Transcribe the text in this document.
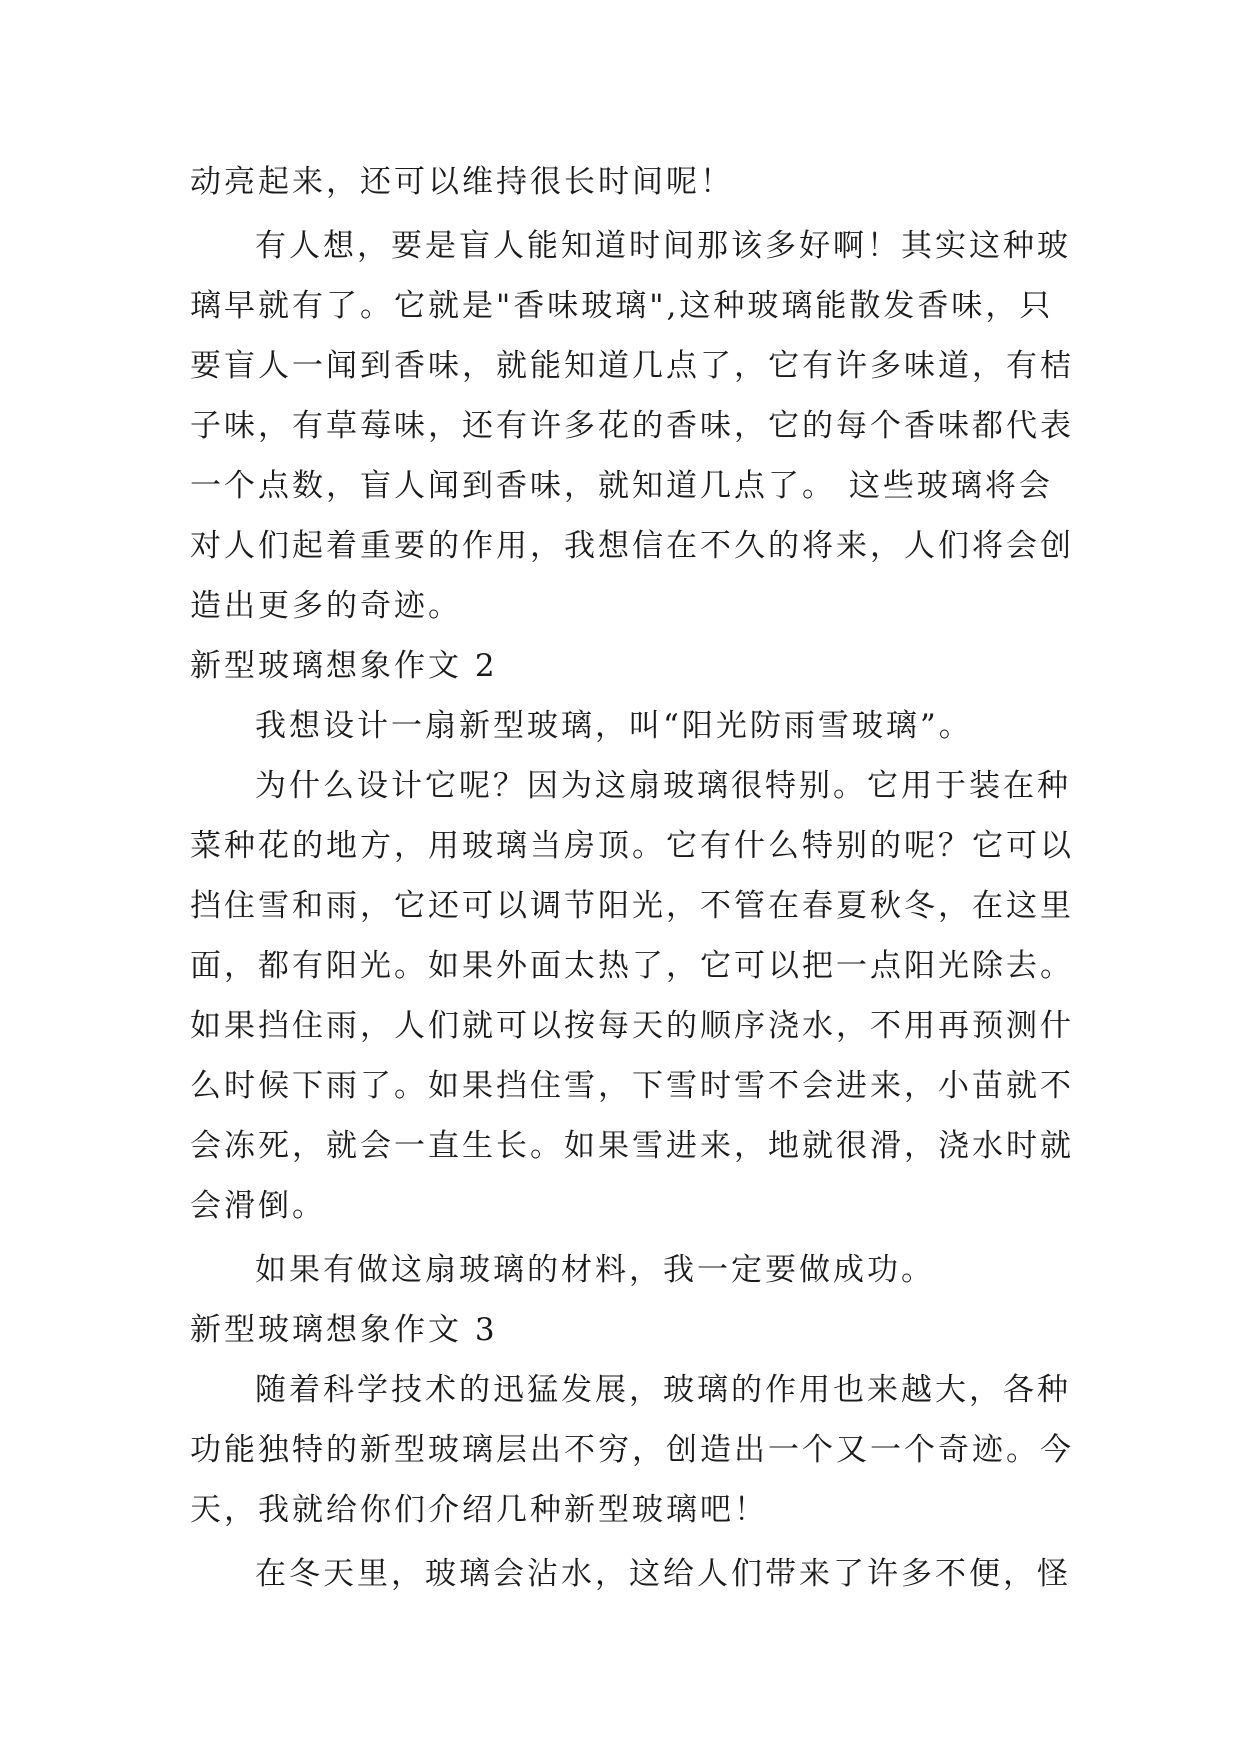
动亮起来，还可以维持很长时间呢！
有人想，要是盲人能知道时间那该多好啊！其实这种玻
璃早就有了。它就是"香味玻璃",这种玻璃能散发香味，只
要盲人一闻到香味，就能知道几点了，它有许多味道，有桔
子味，有草莓味，还有许多花的香味，它的每个香味都代表
一个点数，盲人闻到香味，就知道几点了。 这些玻璃将会
对人们起着重要的作用，我想信在不久的将来，人们将会创
造出更多的奇迹。
新型玻璃想象作文 2
我想设计一扇新型玻璃，叫“阳光防雨雪玻璃”。
为什么设计它呢？因为这扇玻璃很特别。它用于装在种
菜种花的地方，用玻璃当房顶。它有什么特别的呢？它可以
挡住雪和雨，它还可以调节阳光，不管在春夏秋冬，在这里
面，都有阳光。如果外面太热了，它可以把一点阳光除去。
如果挡住雨，人们就可以按每天的顺序浇水，不用再预测什
么时候下雨了。如果挡住雪，下雪时雪不会进来，小苗就不
会冻死，就会一直生长。如果雪进来，地就很滑，浇水时就
会滑倒。
如果有做这扇玻璃的材料，我一定要做成功。
新型玻璃想象作文 3
随着科学技术的迅猛发展，玻璃的作用也来越大，各种
功能独特的新型玻璃层出不穷，创造出一个又一个奇迹。今
天，我就给你们介绍几种新型玻璃吧！
在冬天里，玻璃会沾水，这给人们带来了许多不便，怪
